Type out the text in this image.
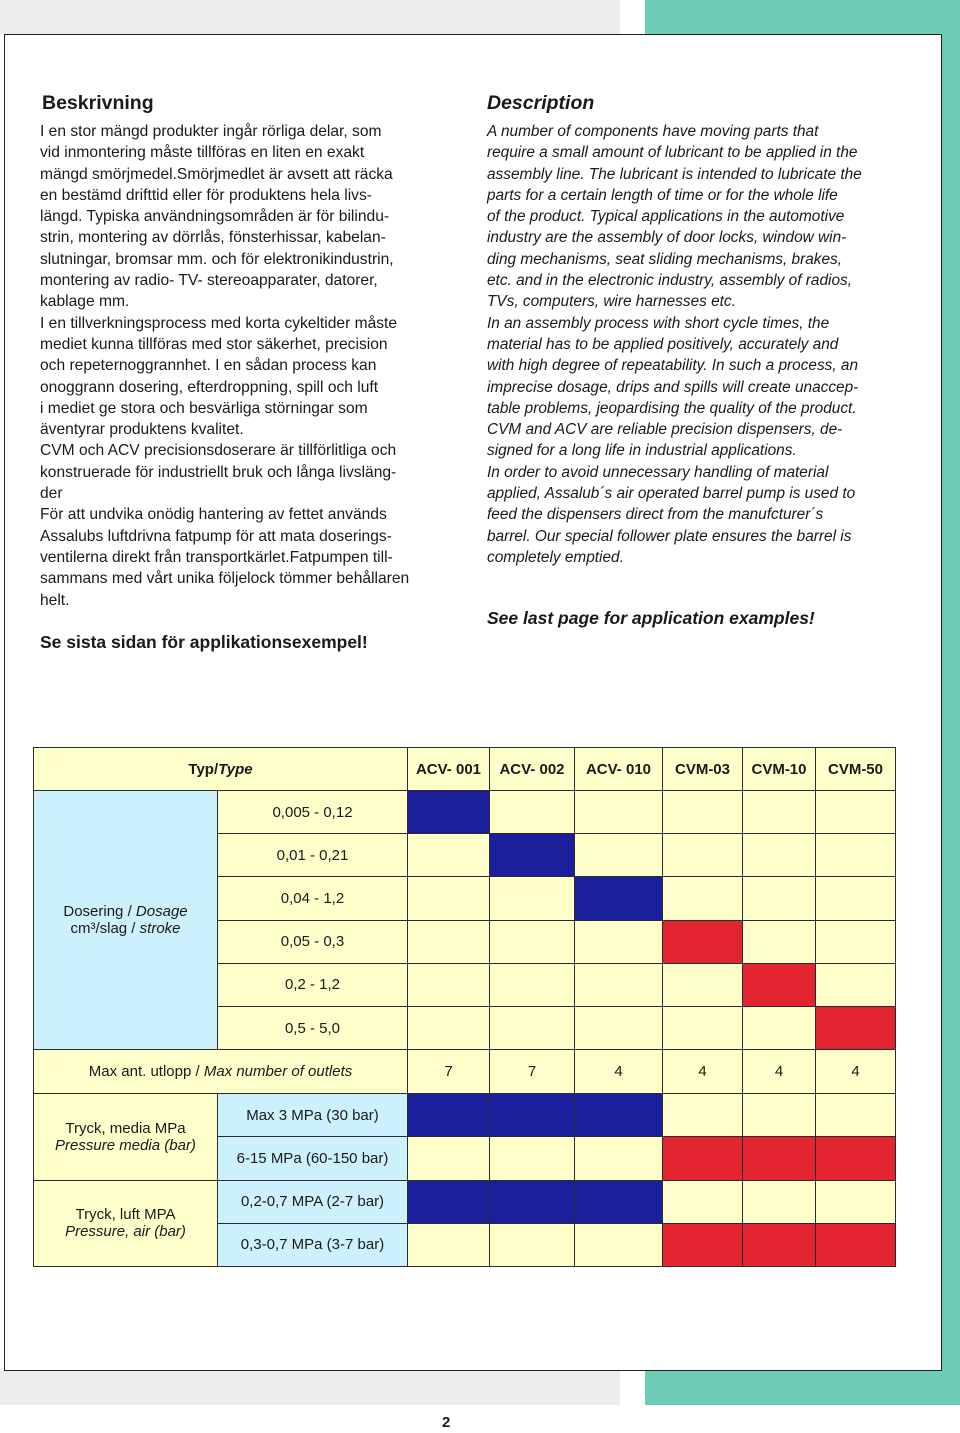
Beskrivning

I en stor mängd produkter ingår rörliga delar, som
vid inmontering måste tillföras en liten en exakt
mängd smörjmedel.Smörjmedlet är avsett att räcka
en bestämd drifttid eller för produktens hela livs-
längd. Typiska användningsområden är för bilindu-
strin, montering av dörrlås, fönsterhissar, kabelan-
slutningar, bromsar mm. och för elektronikindustrin,
montering av radio- TV- stereoapparater, datorer,
kablage mm.

I en tillverkningsprocess med korta cykeltider måste
mediet kunna tillföras med stor säkerhet, precision
och repeternoggrannhet. I en sådan process kan
onoggrann dosering, efterdroppning, spill och luft
i mediet ge stora och besvärliga störningar som
äventyrar produktens kvalitet.

CVM och ACV precisionsdoserare är tillförlitliga och
konstruerade för industriellt bruk och långa livsläng-
der

För att undvika onödig hantering av fettet används
Assalubs luftdrivna fatpump för att mata doserings-
ventilerna direkt från transportkärlet.Fatpumpen till-
sammans med vårt unika följelock tömmer behållaren
helt.

Se sista sidan för applikationsexempel!
Description

A number of components have moving parts that
require a small amount of lubricant to be applied in the
assembly line. The lubricant is intended to lubricate the
parts for a certain length of time or for the whole life
of the product. Typical applications in the automotive
industry are the assembly of door locks, window win-
ding mechanisms, seat sliding mechanisms, brakes,
etc. and in the electronic industry, assembly of radios,
TVs, computers, wire harnesses etc.

In an assembly process with short cycle times, the
material has to be applied positively, accurately and
with high degree of repeatability. In such a process, an
imprecise dosage, drips and spills will create unaccep-
table problems, jeopardising the quality of the product.

CVM and ACV are reliable precision dispensers, de-
signed for a long life in industrial applications.

In order to avoid unnecessary handling of material
applied, Assalub´s air operated barrel pump is used to
feed the dispensers direct from the manufcturer´s
barrel. Our special follower plate ensures the barrel is
completely emptied.

See last page for application examples!
Typ/Type		ACV- 001	ACV- 002	ACV- 010	CVM-03	CVM-10	CVM-50
Dosering / Dosage
cm³/slag / stroke	0,005 - 0,12						
	0,01 - 0,21						
	0,04 - 1,2						
	0,05 - 0,3						
	0,2 - 1,2						
	0,5 - 5,0						
Max ant. utlopp / Max number of outlets		7	7	4	4	4	4
Tryck, media MPa
Pressure media (bar)	Max 3 MPa (30 bar)						
	6-15 MPa (60-150 bar)						
Tryck, luft MPA
Pressure, air (bar)	0,2-0,7 MPA (2-7 bar)						
	0,3-0,7 MPa (3-7 bar)						
2
